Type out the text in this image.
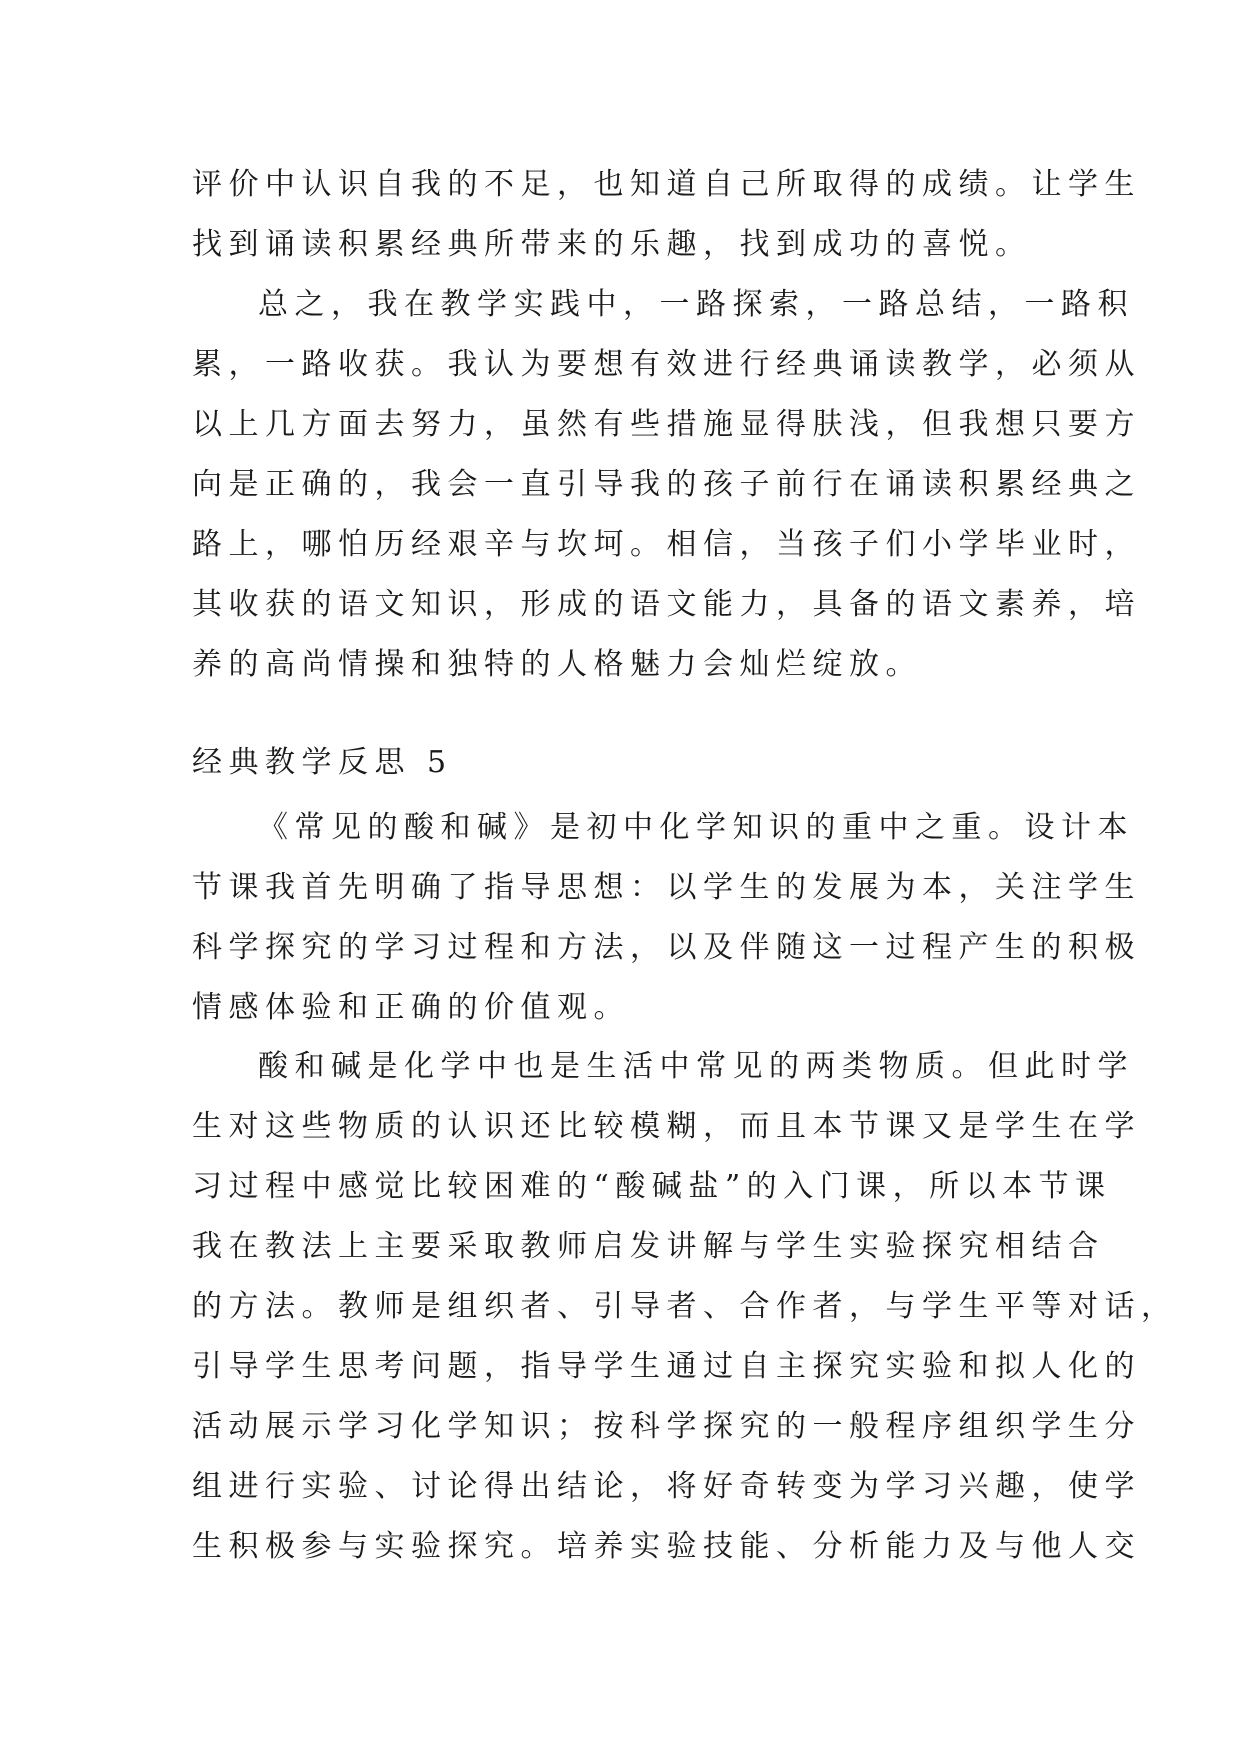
评价中认识自我的不足，也知道自己所取得的成绩。让学生
找到诵读积累经典所带来的乐趣，找到成功的喜悦。
总之，我在教学实践中，一路探索，一路总结，一路积
累，一路收获。我认为要想有效进行经典诵读教学，必须从
以上几方面去努力，虽然有些措施显得肤浅，但我想只要方
向是正确的，我会一直引导我的孩子前行在诵读积累经典之
路上，哪怕历经艰辛与坎坷。相信，当孩子们小学毕业时，
其收获的语文知识，形成的语文能力，具备的语文素养，培
养的高尚情操和独特的人格魅力会灿烂绽放。
经典教学反思 5
《常见的酸和碱》是初中化学知识的重中之重。设计本
节课我首先明确了指导思想：以学生的发展为本，关注学生
科学探究的学习过程和方法，以及伴随这一过程产生的积极
情感体验和正确的价值观。
酸和碱是化学中也是生活中常见的两类物质。但此时学
生对这些物质的认识还比较模糊，而且本节课又是学生在学
习过程中感觉比较困难的“酸碱盐”的入门课，所以本节课
我在教法上主要采取教师启发讲解与学生实验探究相结合
的方法。教师是组织者、引导者、合作者，与学生平等对话，
引导学生思考问题，指导学生通过自主探究实验和拟人化的
活动展示学习化学知识；按科学探究的一般程序组织学生分
组进行实验、讨论得出结论，将好奇转变为学习兴趣，使学
生积极参与实验探究。培养实验技能、分析能力及与他人交
